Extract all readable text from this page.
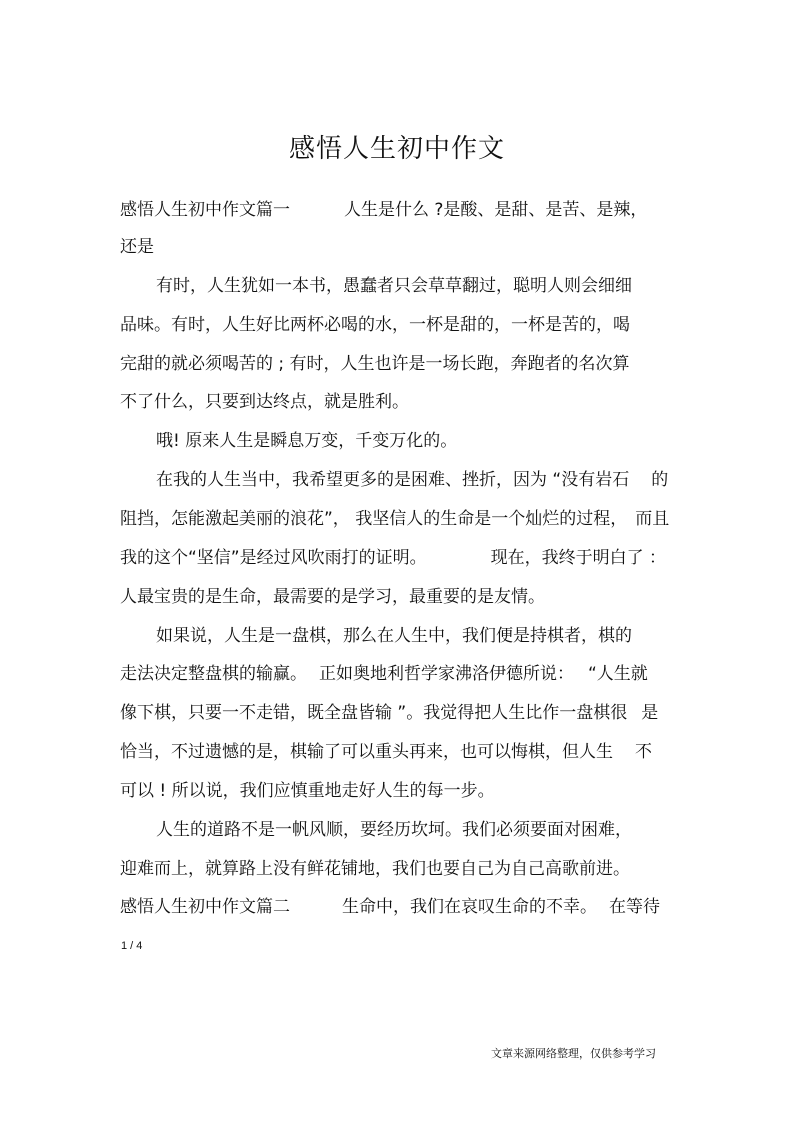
感悟人生初中作文
感悟人生初中作文篇一	人生是什么 ?是酸、是甜、是苦、是辣，
还是
有时，人生犹如一本书，愚蠢者只会草草翻过，聪明人则会细细
品味。有时，人生好比两杯必喝的水，一杯是甜的，一杯是苦的，喝
完甜的就必须喝苦的 ; 有时，人生也许是一场长跑，奔跑者的名次算
不了什么，只要到达终点，就是胜利。
哦! 原来人生是瞬息万变，千变万化的。
在我的人生当中，我希望更多的是困难、挫折，因为 “没有岩石 的
阻挡，怎能激起美丽的浪花”， 我坚信人的生命是一个灿烂的过程， 而且
我的这个“坚信”是经过风吹雨打的证明。	现在，我终于明白了 ：
人最宝贵的是生命，最需要的是学习，最重要的是友情。
如果说，人生是一盘棋，那么在人生中，我们便是持棋者，棋的
走法决定整盘棋的输赢。 正如奥地利哲学家沸洛伊德所说： “人生就
像下棋，只要一不走错，既全盘皆输 ”。我觉得把人生比作一盘棋很 是
恰当，不过遗憾的是，棋输了可以重头再来，也可以悔棋，但人生 不
可以 ! 所以说，我们应慎重地走好人生的每一步。
人生的道路不是一帆风顺，要经历坎坷。我们必须要面对困难，
迎难而上，就算路上没有鲜花铺地，我们也要自己为自己高歌前进。
感悟人生初中作文篇二	生命中，我们在哀叹生命的不幸。 在等待
1 / 4
文章来源网络整理，仅供参考学习
